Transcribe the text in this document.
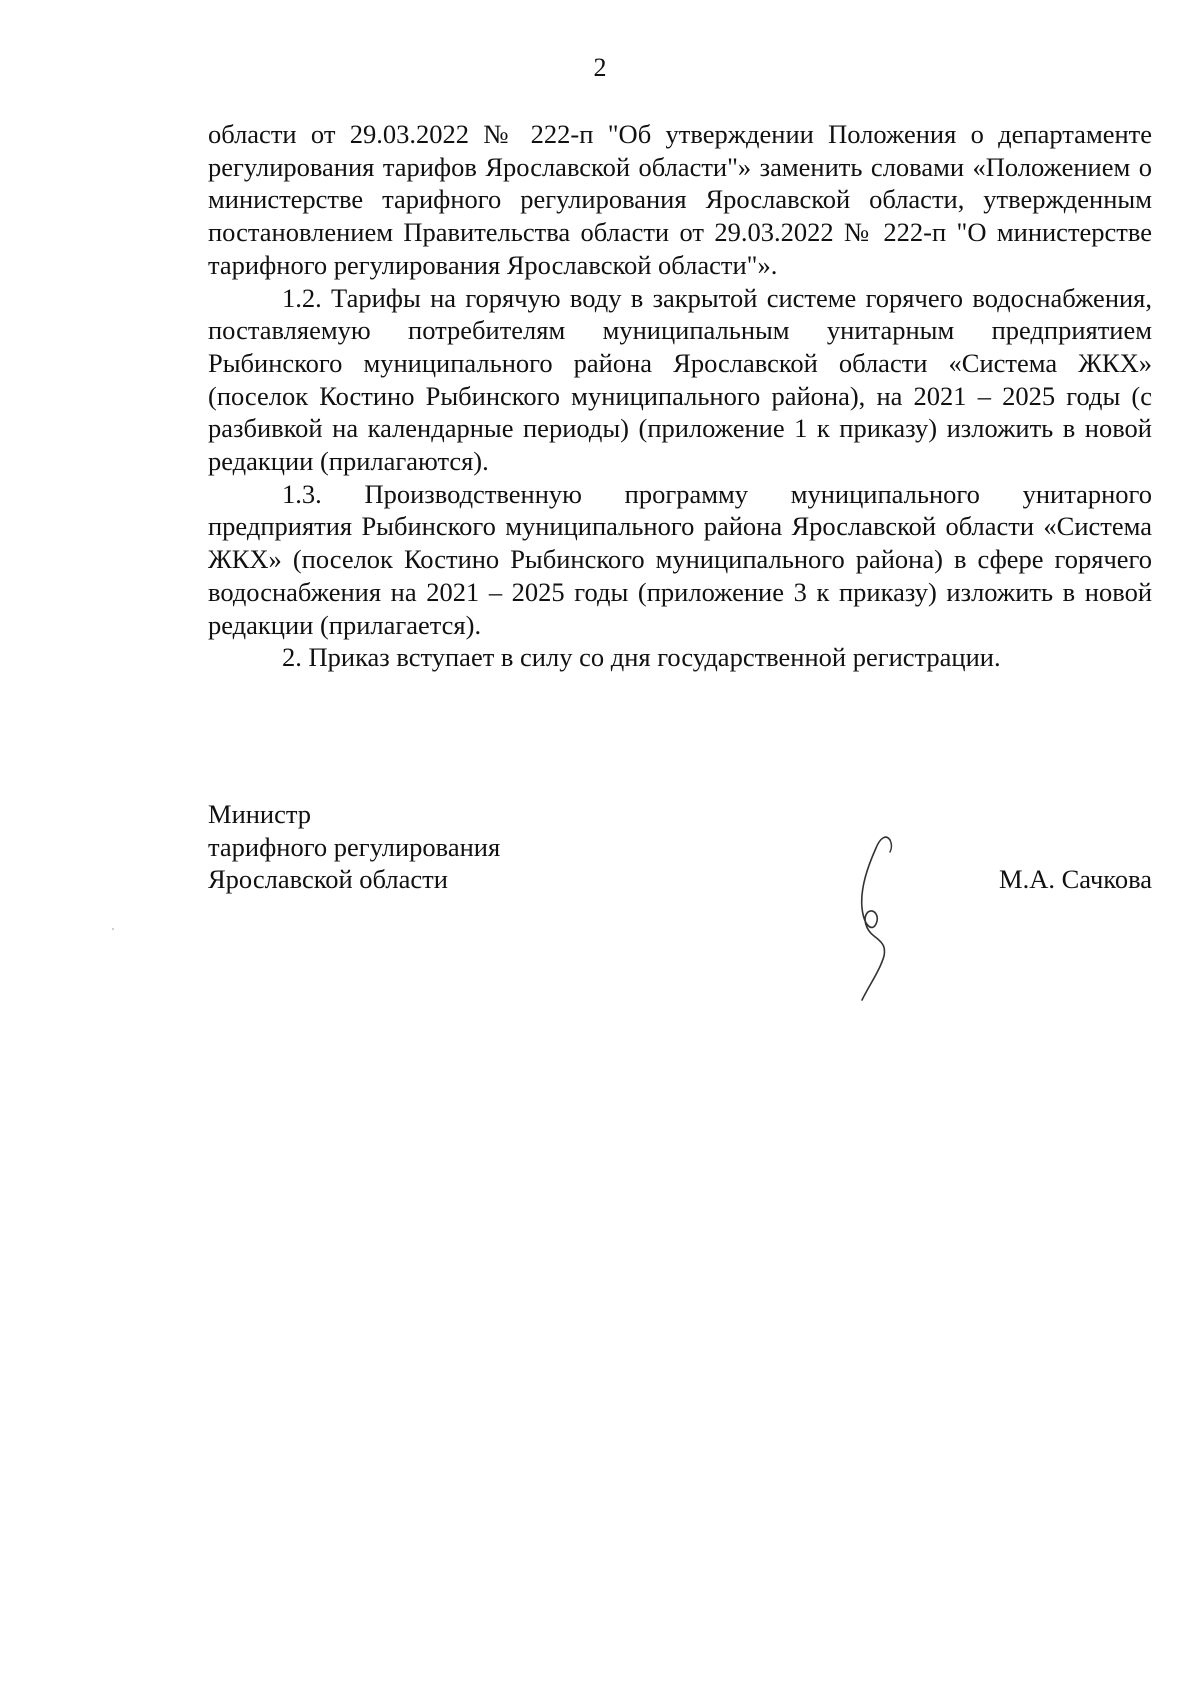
2

области от 29.03.2022 № 222-п "Об утверждении Положения о департаменте регулирования тарифов Ярославской области"» заменить словами «Положением о министерстве тарифного регулирования Ярославской области, утвержденным постановлением Правительства области от 29.03.2022 № 222-п "О министерстве тарифного регулирования Ярославской области"».

1.2. Тарифы на горячую воду в закрытой системе горячего водоснабжения, поставляемую потребителям муниципальным унитарным предприятием Рыбинского муниципального района Ярославской области «Система ЖКХ» (поселок Костино Рыбинского муниципального района), на 2021 – 2025 годы (с разбивкой на календарные периоды) (приложение 1 к приказу) изложить в новой редакции (прилагаются).

1.3. Производственную программу муниципального унитарного предприятия Рыбинского муниципального района Ярославской области «Система ЖКХ» (поселок Костино Рыбинского муниципального района) в сфере горячего водоснабжения на 2021 – 2025 годы (приложение 3 к приказу) изложить в новой редакции (прилагается).

2. Приказ вступает в силу со дня государственной регистрации.

Министр
тарифного регулирования
Ярославской области	М.А. Сачкова
